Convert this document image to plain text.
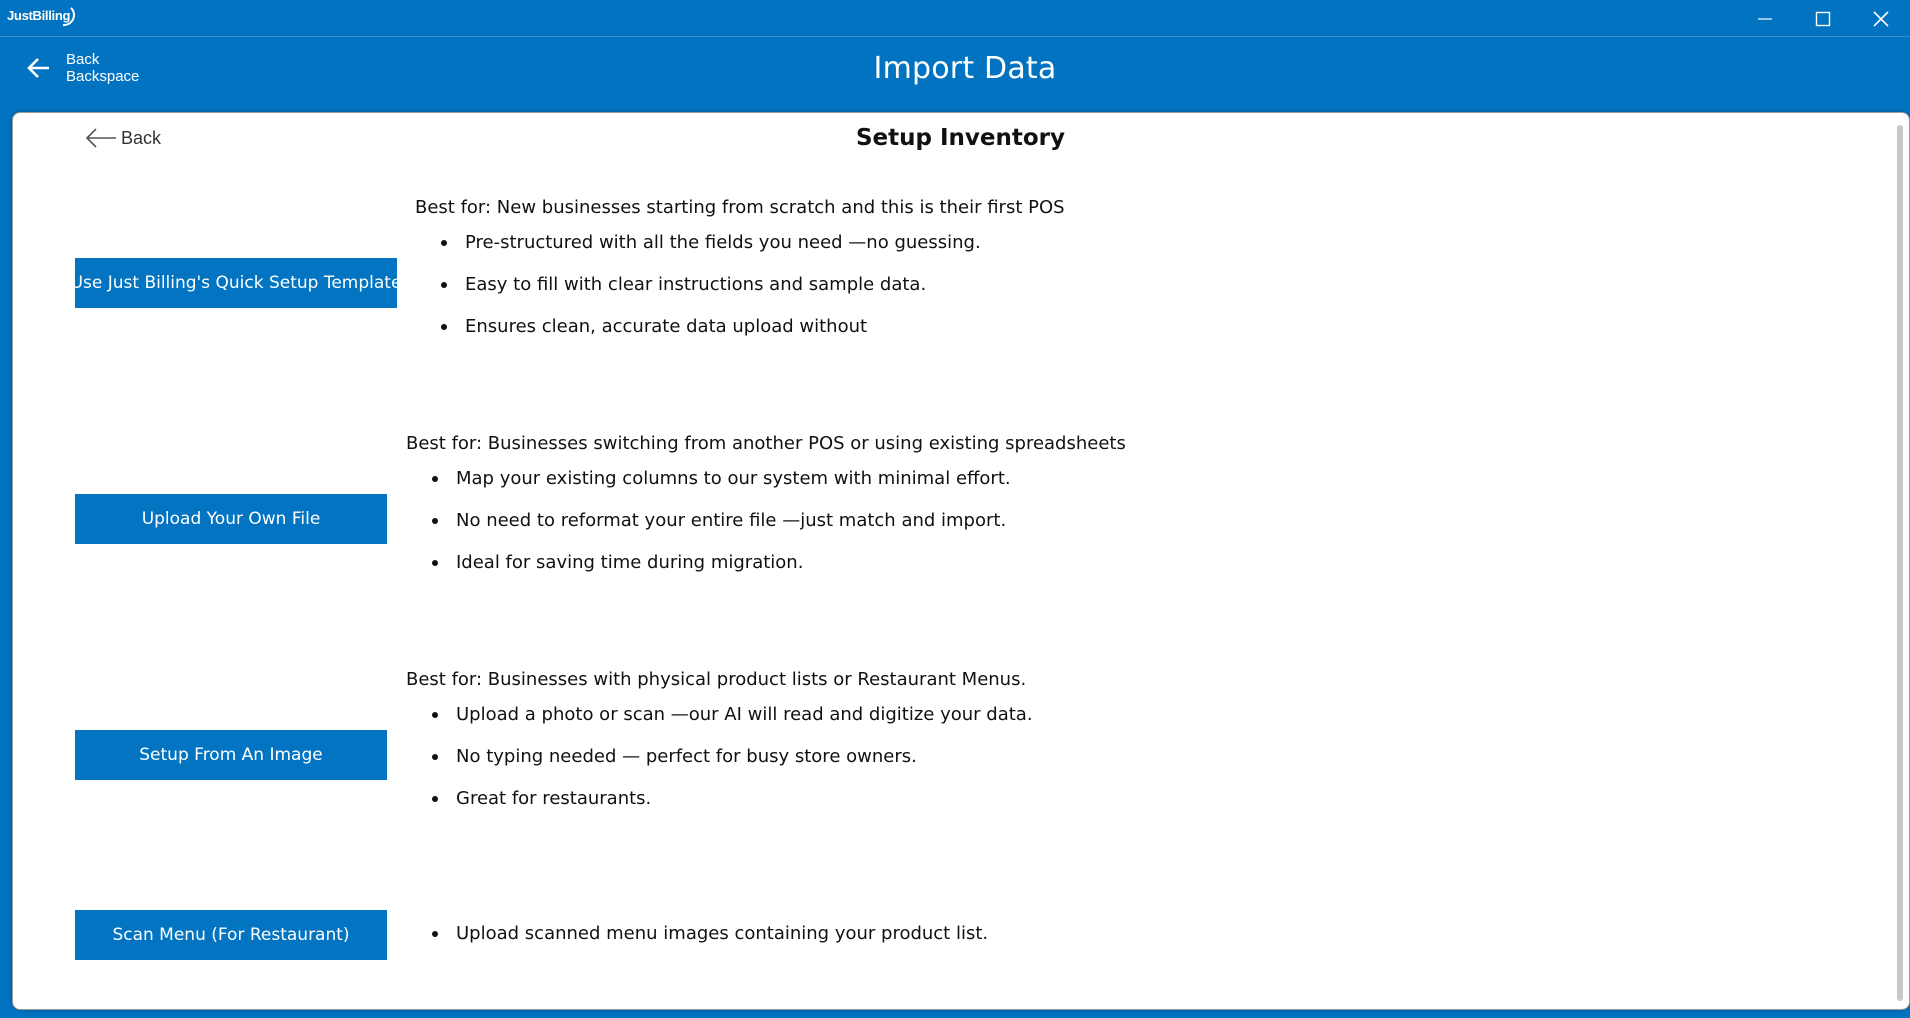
JustBilling
Back
Backspace	Import Data
Back	Setup Inventory
Use Just Billing's Quick Setup Template
Best for: New businesses starting from scratch and this is their first POS
Pre-structured with all the fields you need —no guessing.
Easy to fill with clear instructions and sample data.
Ensures clean, accurate data upload without
Upload Your Own File
Best for: Businesses switching from another POS or using existing spreadsheets
Map your existing columns to our system with minimal effort.
No need to reformat your entire file —just match and import.
Ideal for saving time during migration.
Setup From An Image
Best for: Businesses with physical product lists or Restaurant Menus.
Upload a photo or scan —our AI will read and digitize your data.
No typing needed — perfect for busy store owners.
Great for restaurants.
Scan Menu (For Restaurant)	Upload scanned menu images containing your product list.
